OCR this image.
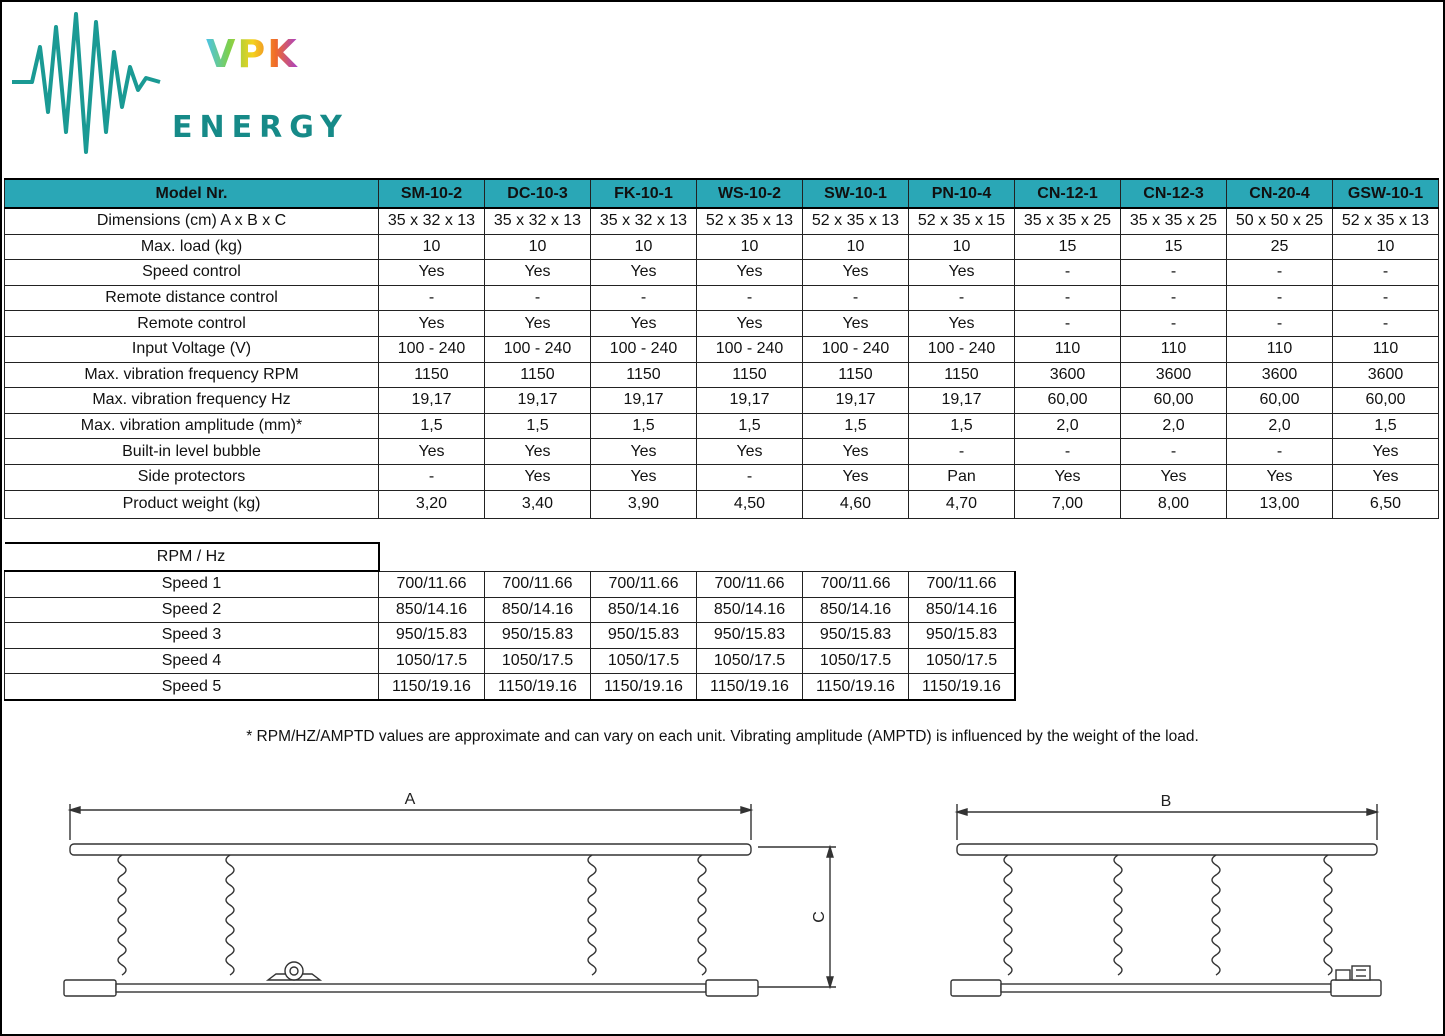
VPK
ENERGY
Model Nr.	SM-10-2	DC-10-3	FK-10-1	WS-10-2	SW-10-1	PN-10-4	CN-12-1	CN-12-3	CN-20-4	GSW-10-1
Dimensions (cm) A x B x C	35 x 32 x 13	35 x 32 x 13	35 x 32 x 13	52 x 35 x 13	52 x 35 x 13	52 x 35 x 15	35 x 35 x 25	35 x 35 x 25	50 x 50 x 25	52 x 35 x 13
Max. load (kg)	10	10	10	10	10	10	15	15	25	10
Speed control	Yes	Yes	Yes	Yes	Yes	Yes	-	-	-	-
Remote distance control	-	-	-	-	-	-	-	-	-	-
Remote control	Yes	Yes	Yes	Yes	Yes	Yes	-	-	-	-
Input Voltage (V)	100 - 240	100 - 240	100 - 240	100 - 240	100 - 240	100 - 240	110	110	110	110
Max. vibration frequency RPM	1150	1150	1150	1150	1150	1150	3600	3600	3600	3600
Max. vibration frequency Hz	19,17	19,17	19,17	19,17	19,17	19,17	60,00	60,00	60,00	60,00
Max. vibration amplitude (mm)*	1,5	1,5	1,5	1,5	1,5	1,5	2,0	2,0	2,0	1,5
Built-in level bubble	Yes	Yes	Yes	Yes	Yes	-	-	-	-	Yes
Side protectors	-	Yes	Yes	-	Yes	Pan	Yes	Yes	Yes	Yes
Product weight (kg)	3,20	3,40	3,90	4,50	4,60	4,70	7,00	8,00	13,00	6,50
RPM / Hz						
Speed 1	700/11.66	700/11.66	700/11.66	700/11.66	700/11.66	700/11.66
Speed 2	850/14.16	850/14.16	850/14.16	850/14.16	850/14.16	850/14.16
Speed 3	950/15.83	950/15.83	950/15.83	950/15.83	950/15.83	950/15.83
Speed 4	1050/17.5	1050/17.5	1050/17.5	1050/17.5	1050/17.5	1050/17.5
Speed 5	1150/19.16	1150/19.16	1150/19.16	1150/19.16	1150/19.16	1150/19.16
* RPM/HZ/AMPTD values are approximate and can vary on each unit. Vibrating amplitude (AMPTD) is influenced by the weight of the load.
A	B
C
